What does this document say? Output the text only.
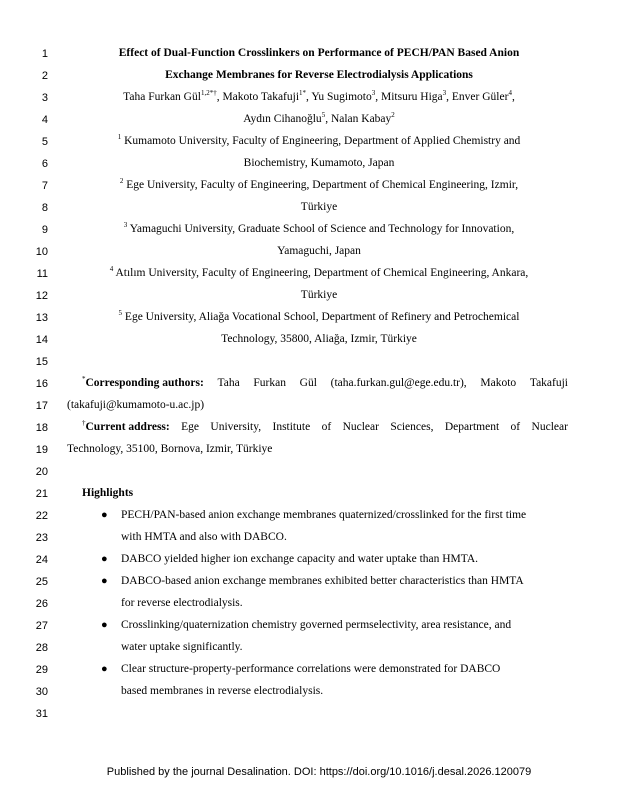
1
2
3
4
5
6
7
8
9
10
11
12
13
14
15
16
17
18
19
20
21
22
23
24
25
26
27
28
29
30
31
Effect of Dual-Function Crosslinkers on Performance of PECH/PAN Based Anion
Exchange Membranes for Reverse Electrodialysis Applications
Taha Furkan Gül$^{1,2*\dagger}$, Makoto Takafuji$^{1*}$, Yu Sugimoto$^3$, Mitsuru Higa$^3$, Enver Güler$^4$,
Aydın Cihanoğlu$^5$, Nalan Kabay$^2$
$^1$ Kumamoto University, Faculty of Engineering, Department of Applied Chemistry and
Biochemistry, Kumamoto, Japan
$^2$ Ege University, Faculty of Engineering, Department of Chemical Engineering, Izmir,
Türkiye
$^3$ Yamaguchi University, Graduate School of Science and Technology for Innovation,
Yamaguchi, Japan
$^4$ Atılım University, Faculty of Engineering, Department of Chemical Engineering, Ankara,
Türkiye
$^5$ Ege University, Aliağa Vocational School, Department of Refinery and Petrochemical
Technology, 35800, Aliağa, Izmir, Türkiye
*Corresponding authors: Taha Furkan Gül (taha.furkan.gul@ege.edu.tr), Makoto Takafuji
(takafuji@kumamoto-u.ac.jp)
†Current address: Ege University, Institute of Nuclear Sciences, Department of Nuclear
Technology, 35100, Bornova, Izmir, Türkiye
Highlights
● PECH/PAN-based anion exchange membranes quaternized/crosslinked for the first time
with HMTA and also with DABCO.
● DABCO yielded higher ion exchange capacity and water uptake than HMTA.
● DABCO-based anion exchange membranes exhibited better characteristics than HMTA
for reverse electrodialysis.
● Crosslinking/quaternization chemistry governed permselectivity, area resistance, and
water uptake significantly.
● Clear structure-property-performance correlations were demonstrated for DABCO
based membranes in reverse electrodialysis.
Published by the journal Desalination. DOI: https://doi.org/10.1016/j.desal.2026.120079
